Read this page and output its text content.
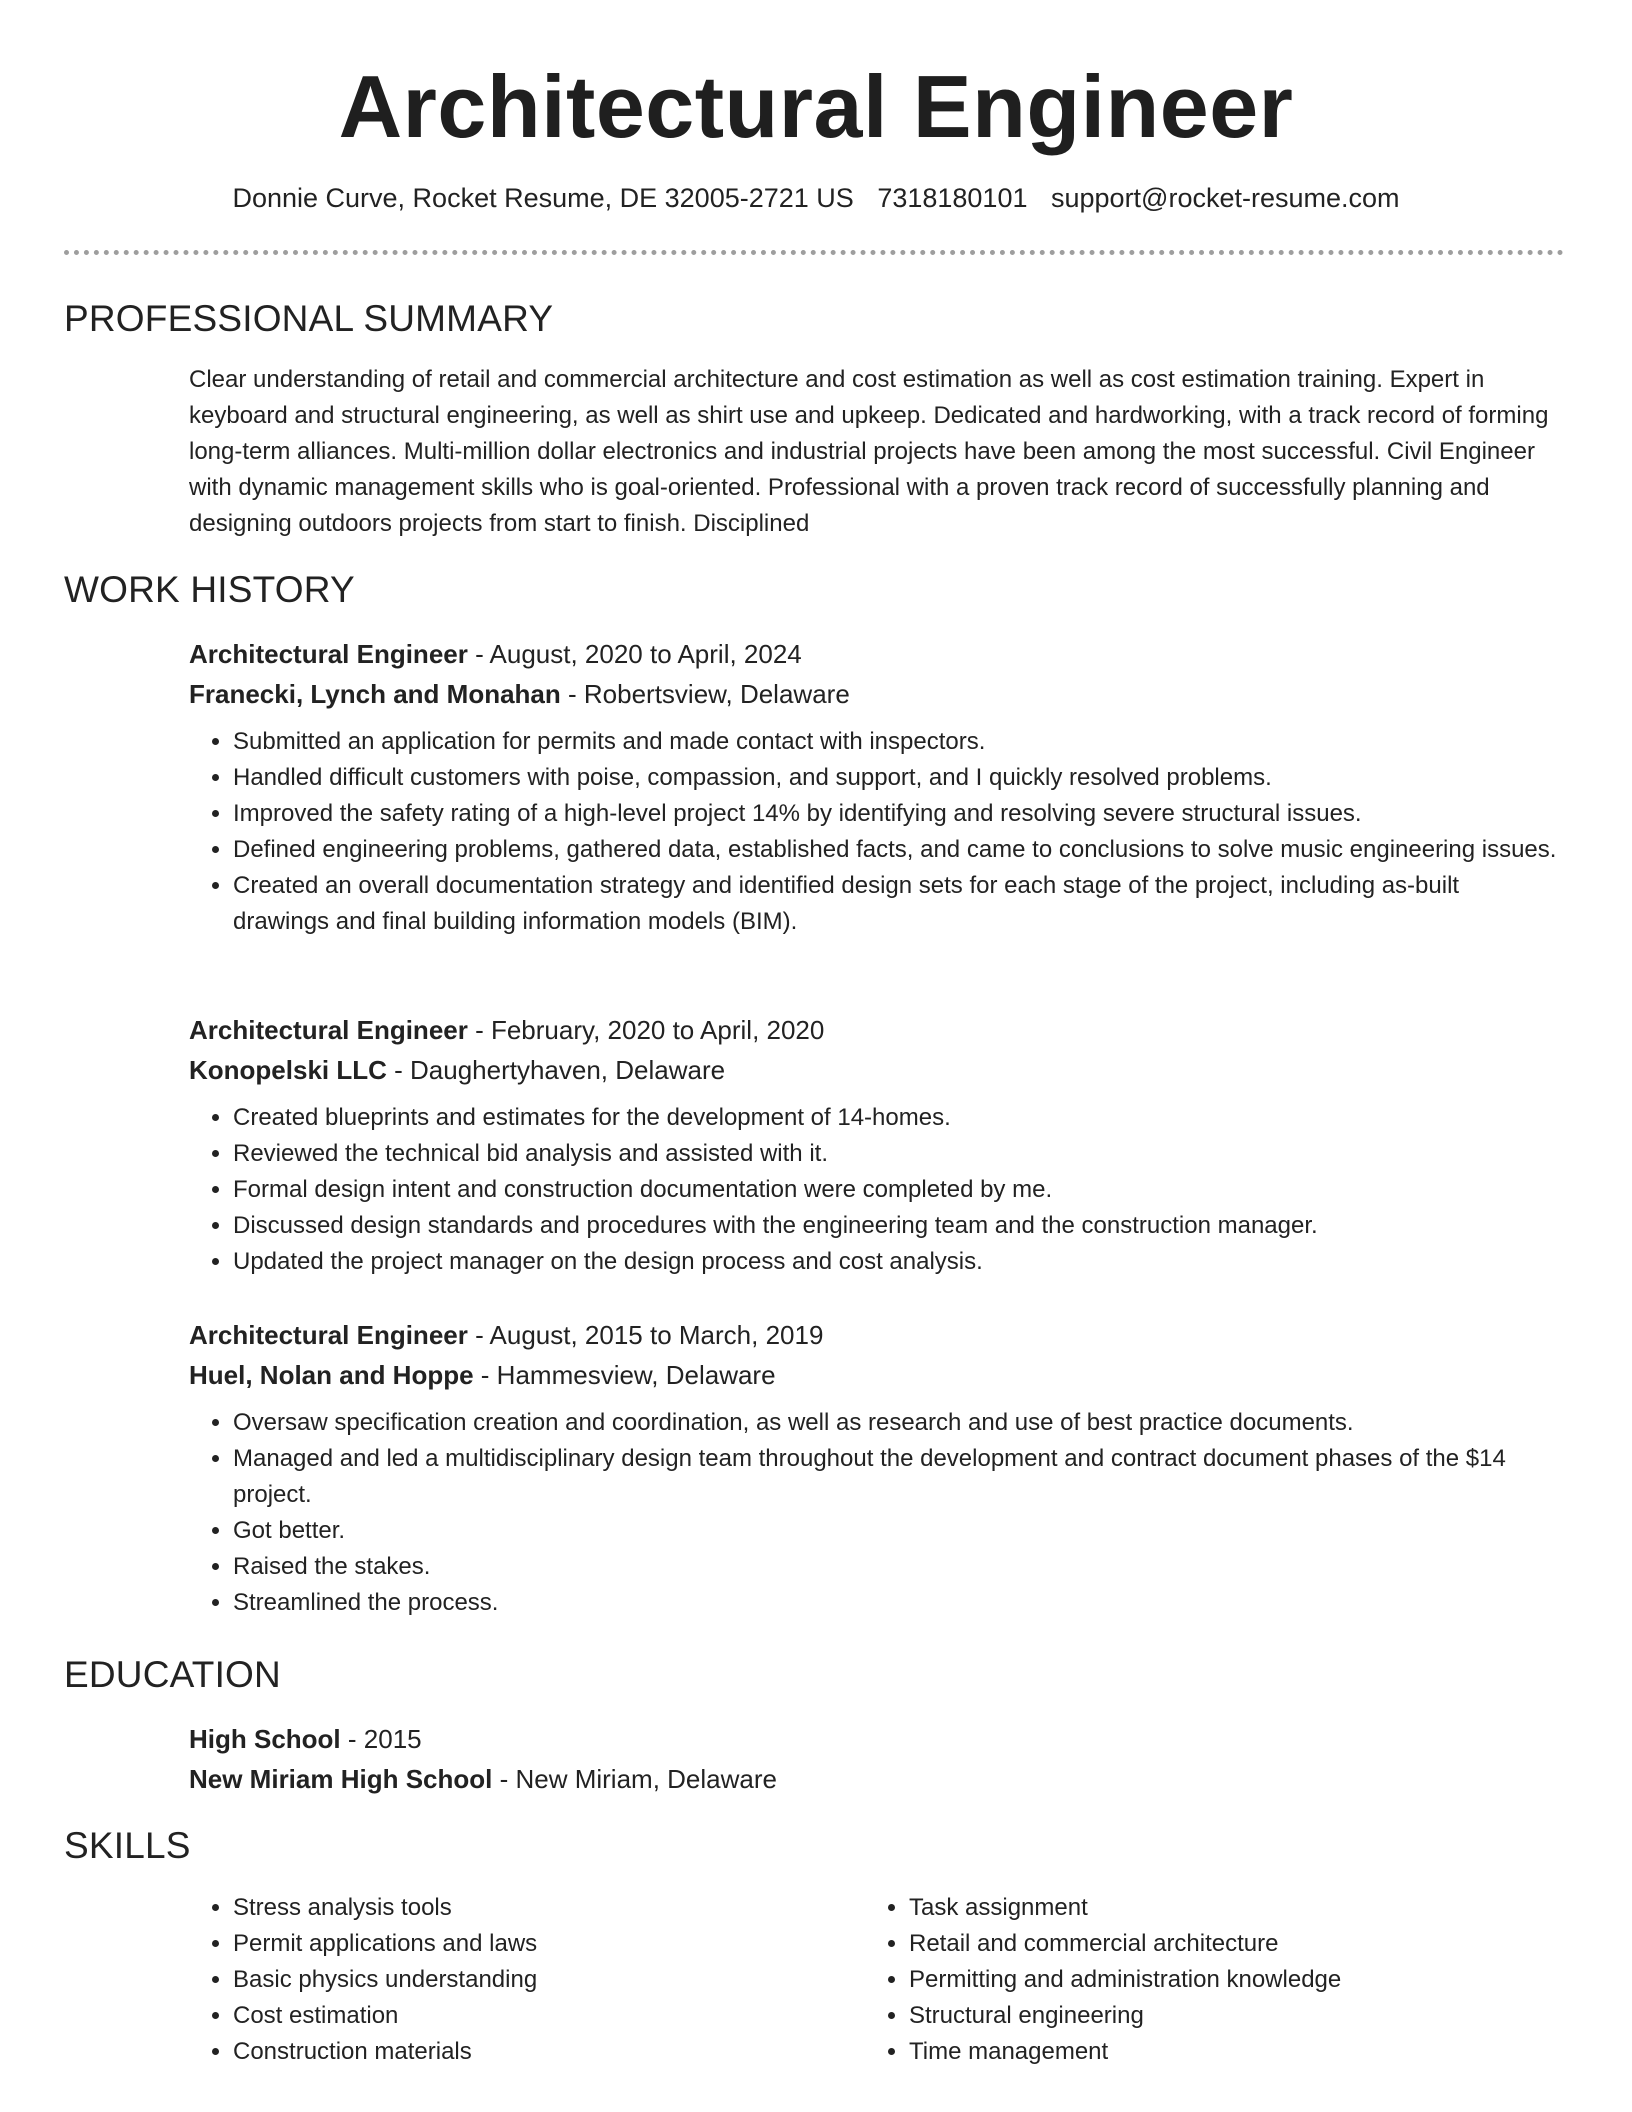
Architectural Engineer
Donnie Curve, Rocket Resume, DE 32005-2721 US 7318180101 support@rocket-resume.com
PROFESSIONAL SUMMARY
Clear understanding of retail and commercial architecture and cost estimation as well as cost estimation training. Expert in keyboard and structural engineering, as well as shirt use and upkeep. Dedicated and hardworking, with a track record of forming long-term alliances. Multi-million dollar electronics and industrial projects have been among the most successful. Civil Engineer with dynamic management skills who is goal-oriented. Professional with a proven track record of successfully planning and designing outdoors projects from start to finish. Disciplined
WORK HISTORY
Architectural Engineer - August, 2020 to April, 2024
Franecki, Lynch and Monahan - Robertsview, Delaware
• Submitted an application for permits and made contact with inspectors.
• Handled difficult customers with poise, compassion, and support, and I quickly resolved problems.
• Improved the safety rating of a high-level project 14% by identifying and resolving severe structural issues.
• Defined engineering problems, gathered data, established facts, and came to conclusions to solve music engineering issues.
• Created an overall documentation strategy and identified design sets for each stage of the project, including as-built drawings and final building information models (BIM).
Architectural Engineer - February, 2020 to April, 2020
Konopelski LLC - Daughertyhaven, Delaware
• Created blueprints and estimates for the development of 14-homes.
• Reviewed the technical bid analysis and assisted with it.
• Formal design intent and construction documentation were completed by me.
• Discussed design standards and procedures with the engineering team and the construction manager.
• Updated the project manager on the design process and cost analysis.
Architectural Engineer - August, 2015 to March, 2019
Huel, Nolan and Hoppe - Hammesview, Delaware
• Oversaw specification creation and coordination, as well as research and use of best practice documents.
• Managed and led a multidisciplinary design team throughout the development and contract document phases of the $14 project.
• Got better.
• Raised the stakes.
• Streamlined the process.
EDUCATION
High School - 2015
New Miriam High School - New Miriam, Delaware
SKILLS
• Stress analysis tools
• Permit applications and laws
• Basic physics understanding
• Cost estimation
• Construction materials
• Task assignment
• Retail and commercial architecture
• Permitting and administration knowledge
• Structural engineering
• Time management
